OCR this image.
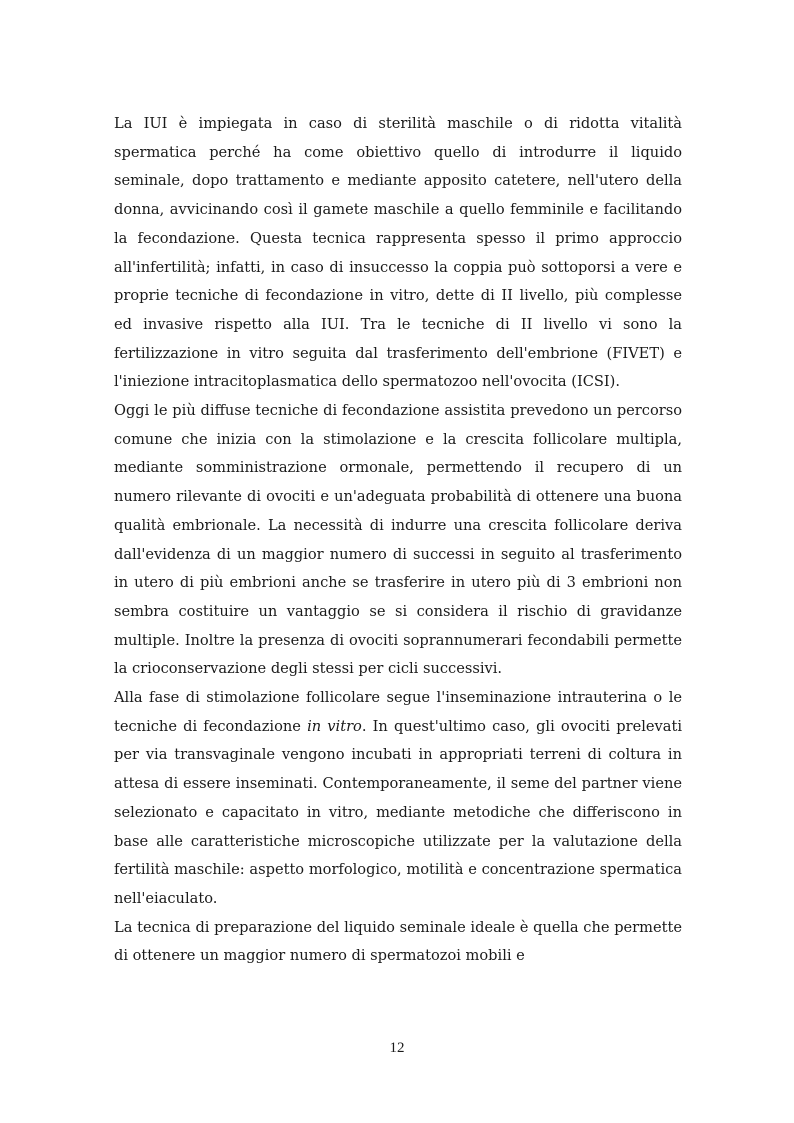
La IUI è impiegata in caso di sterilità maschile o di ridotta vitalità spermatica perché ha come obiettivo quello di introdurre il liquido seminale, dopo trattamento e mediante apposito catetere, nell'utero della donna, avvicinando così il gamete maschile a quello femminile e facilitando la fecondazione. Questa tecnica rappresenta spesso il primo approccio all'infertilità; infatti, in caso di insuccesso la coppia può sottoporsi a vere e proprie tecniche di fecondazione in vitro, dette di II livello, più complesse ed invasive rispetto alla IUI. Tra le tecniche di II livello vi sono la fertilizzazione in vitro seguita dal trasferimento dell'embrione (FIVET) e l'iniezione intracitoplasmatica dello spermatozoo nell'ovocita (ICSI).

Oggi le più diffuse tecniche di fecondazione assistita prevedono un percorso comune che inizia con la stimolazione e la crescita follicolare multipla, mediante somministrazione ormonale, permettendo il recupero di un numero rilevante di ovociti e un'adeguata probabilità di ottenere una buona qualità embrionale. La necessità di indurre una crescita follicolare deriva dall'evidenza di un maggior numero di successi in seguito al trasferimento in utero di più embrioni anche se trasferire in utero più di 3 embrioni non sembra costituire un vantaggio se si considera il rischio di gravidanze multiple. Inoltre la presenza di ovociti soprannumerari fecondabili permette la crioconservazione degli stessi per cicli successivi.

Alla fase di stimolazione follicolare segue l'inseminazione intrauterina o le tecniche di fecondazione in vitro. In quest'ultimo caso, gli ovociti prelevati per via transvaginale vengono incubati in appropriati terreni di coltura in attesa di essere inseminati. Contemporaneamente, il seme del partner viene selezionato e capacitato in vitro, mediante metodiche che differiscono in base alle caratteristiche microscopiche utilizzate per la valutazione della fertilità maschile: aspetto morfologico, motilità e concentrazione spermatica nell'eiaculato.

La tecnica di preparazione del liquido seminale ideale è quella che permette di ottenere un maggior numero di spermatozoi mobili e

12
